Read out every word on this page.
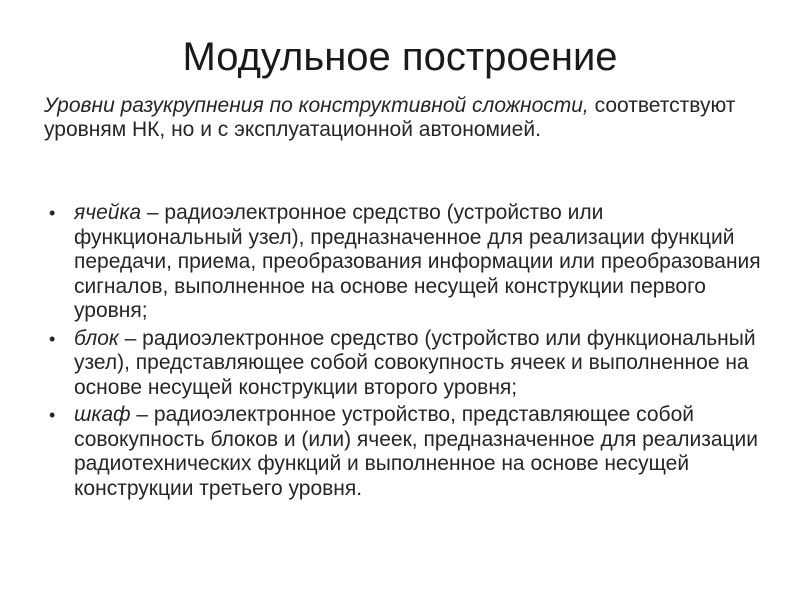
Модульное построение

Уровни разукрупнения по конструктивной сложности, соответствуют уровням НК, но и с эксплуатационной автономией.

• ячейка – радиоэлектронное средство (устройство или функциональный узел), предназначенное для реализации функций передачи, приема, преобразования информации или преобразования сигналов, выполненное на основе несущей конструкции первого уровня;
• блок – радиоэлектронное средство (устройство или функциональный узел), представляющее собой совокупность ячеек и выполненное на основе несущей конструкции второго уровня;
• шкаф – радиоэлектронное устройство, представляющее собой совокупность блоков и (или) ячеек, предназначенное для реализации радиотехнических функций и выполненное на основе несущей конструкции третьего уровня.
